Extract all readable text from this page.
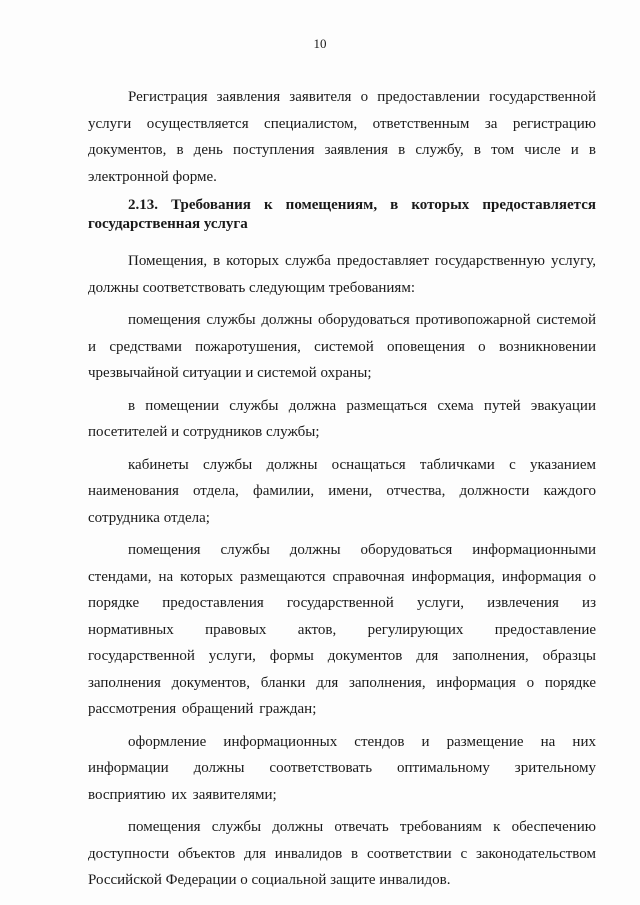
10

Регистрация заявления заявителя о предоставлении государственной услуги осуществляется специалистом, ответственным за регистрацию документов, в день поступления заявления в службу, в том числе и в электронной форме.

2.13. Требования к помещениям, в которых предоставляется государственная услуга

Помещения, в которых служба предоставляет государственную услугу, должны соответствовать следующим требованиям:

помещения службы должны оборудоваться противопожарной системой и средствами пожаротушения, системой оповещения о возникновении чрезвычайной ситуации и системой охраны;

в помещении службы должна размещаться схема путей эвакуации посетителей и сотрудников службы;

кабинеты службы должны оснащаться табличками с указанием наименования отдела, фамилии, имени, отчества, должности каждого сотрудника отдела;

помещения службы должны оборудоваться информационными стендами, на которых размещаются справочная информация, информация о порядке предоставления государственной услуги, извлечения из нормативных правовых актов, регулирующих предоставление государственной услуги, формы документов для заполнения, образцы заполнения документов, бланки для заполнения, информация о порядке рассмотрения обращений граждан;

оформление информационных стендов и размещение на них информации должны соответствовать оптимальному зрительному восприятию их заявителями;

помещения службы должны отвечать требованиям к обеспечению доступности объектов для инвалидов в соответствии с законодательством Российской Федерации о социальной защите инвалидов.
